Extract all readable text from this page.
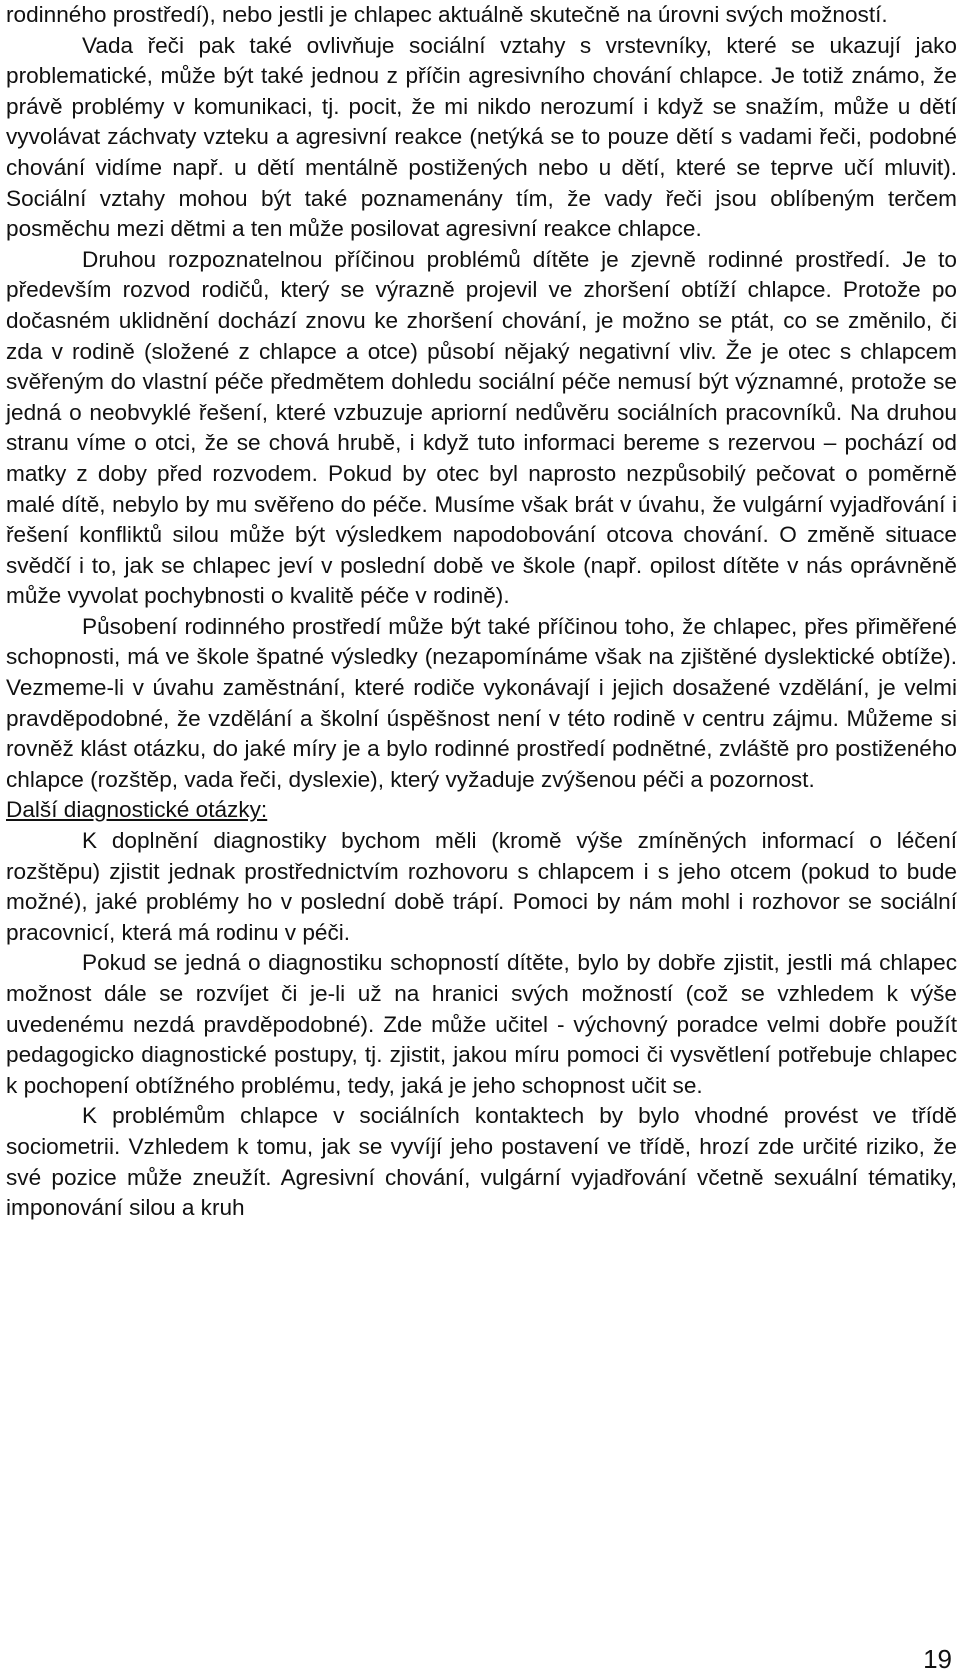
rodinného prostředí), nebo jestli je chlapec aktuálně skutečně na úrovni svých možností.

Vada řeči pak také ovlivňuje sociální vztahy s vrstevníky, které se ukazují jako problematické, může být také jednou z příčin agresivního chování chlapce. Je totiž známo, že právě problémy v komunikaci, tj. pocit, že mi nikdo nerozumí i když se snažím, může u dětí vyvolávat záchvaty vzteku a agresivní reakce (netýká se to pouze dětí s vadami řeči, podobné chování vidíme např. u dětí mentálně postižených nebo u dětí, které se teprve učí mluvit). Sociální vztahy mohou být také poznamenány tím, že vady řeči jsou oblíbeným terčem posměchu mezi dětmi a ten může posilovat agresivní reakce chlapce.

Druhou rozpoznatelnou příčinou problémů dítěte je zjevně rodinné prostředí. Je to především rozvod rodičů, který se výrazně projevil ve zhoršení obtíží chlapce. Protože po dočasném uklidnění dochází znovu ke zhoršení chování, je možno se ptát, co se změnilo, či zda v rodině (složené z chlapce a otce) působí nějaký negativní vliv. Že je otec s chlapcem svěřeným do vlastní péče předmětem dohledu sociální péče nemusí být významné, protože se jedná o neobvyklé řešení, které vzbuzuje apriorní nedůvěru sociálních pracovníků. Na druhou stranu víme o otci, že se chová hrubě, i když tuto informaci bereme s rezervou – pochází od matky z doby před rozvodem. Pokud by otec byl naprosto nezpůsobilý pečovat o poměrně malé dítě, nebylo by mu svěřeno do péče. Musíme však brát v úvahu, že vulgární vyjadřování i řešení konfliktů silou může být výsledkem napodobování otcova chování. O změně situace svědčí i to, jak se chlapec jeví v poslední době ve škole (např. opilost dítěte v nás oprávněně může vyvolat pochybnosti o kvalitě péče v rodině).

Působení rodinného prostředí může být také příčinou toho, že chlapec, přes přiměřené schopnosti, má ve škole špatné výsledky (nezapomínáme však na zjištěné dyslektické obtíže). Vezmeme-li v úvahu zaměstnání, které rodiče vykonávají i jejich dosažené vzdělání, je velmi pravděpodobné, že vzdělání a školní úspěšnost není v této rodině v centru zájmu. Můžeme si rovněž klást otázku, do jaké míry je a bylo rodinné prostředí podnětné, zvláště pro postiženého chlapce (rozštěp, vada řeči, dyslexie), který vyžaduje zvýšenou péči a pozornost.

Další diagnostické otázky:

K doplnění diagnostiky bychom měli (kromě výše zmíněných informací o léčení rozštěpu) zjistit jednak prostřednictvím rozhovoru s chlapcem i s jeho otcem (pokud to bude možné), jaké problémy ho v poslední době trápí. Pomoci by nám mohl i rozhovor se sociální pracovnicí, která má rodinu v péči.

Pokud se jedná o diagnostiku schopností dítěte, bylo by dobře zjistit, jestli má chlapec možnost dále se rozvíjet či je-li už na hranici svých možností (což se vzhledem k výše uvedenému nezdá pravděpodobné). Zde může učitel - výchovný poradce velmi dobře použít pedagogicko diagnostické postupy, tj. zjistit, jakou míru pomoci či vysvětlení potřebuje chlapec k pochopení obtížného problému, tedy, jaká je jeho schopnost učit se.

K problémům chlapce v sociálních kontaktech by bylo vhodné provést ve třídě sociometrii. Vzhledem k tomu, jak se vyvíjí jeho postavení ve třídě, hrozí zde určité riziko, že své pozice může zneužít. Agresivní chování, vulgární vyjadřování včetně sexuální tématiky, imponování silou a kruh

19
